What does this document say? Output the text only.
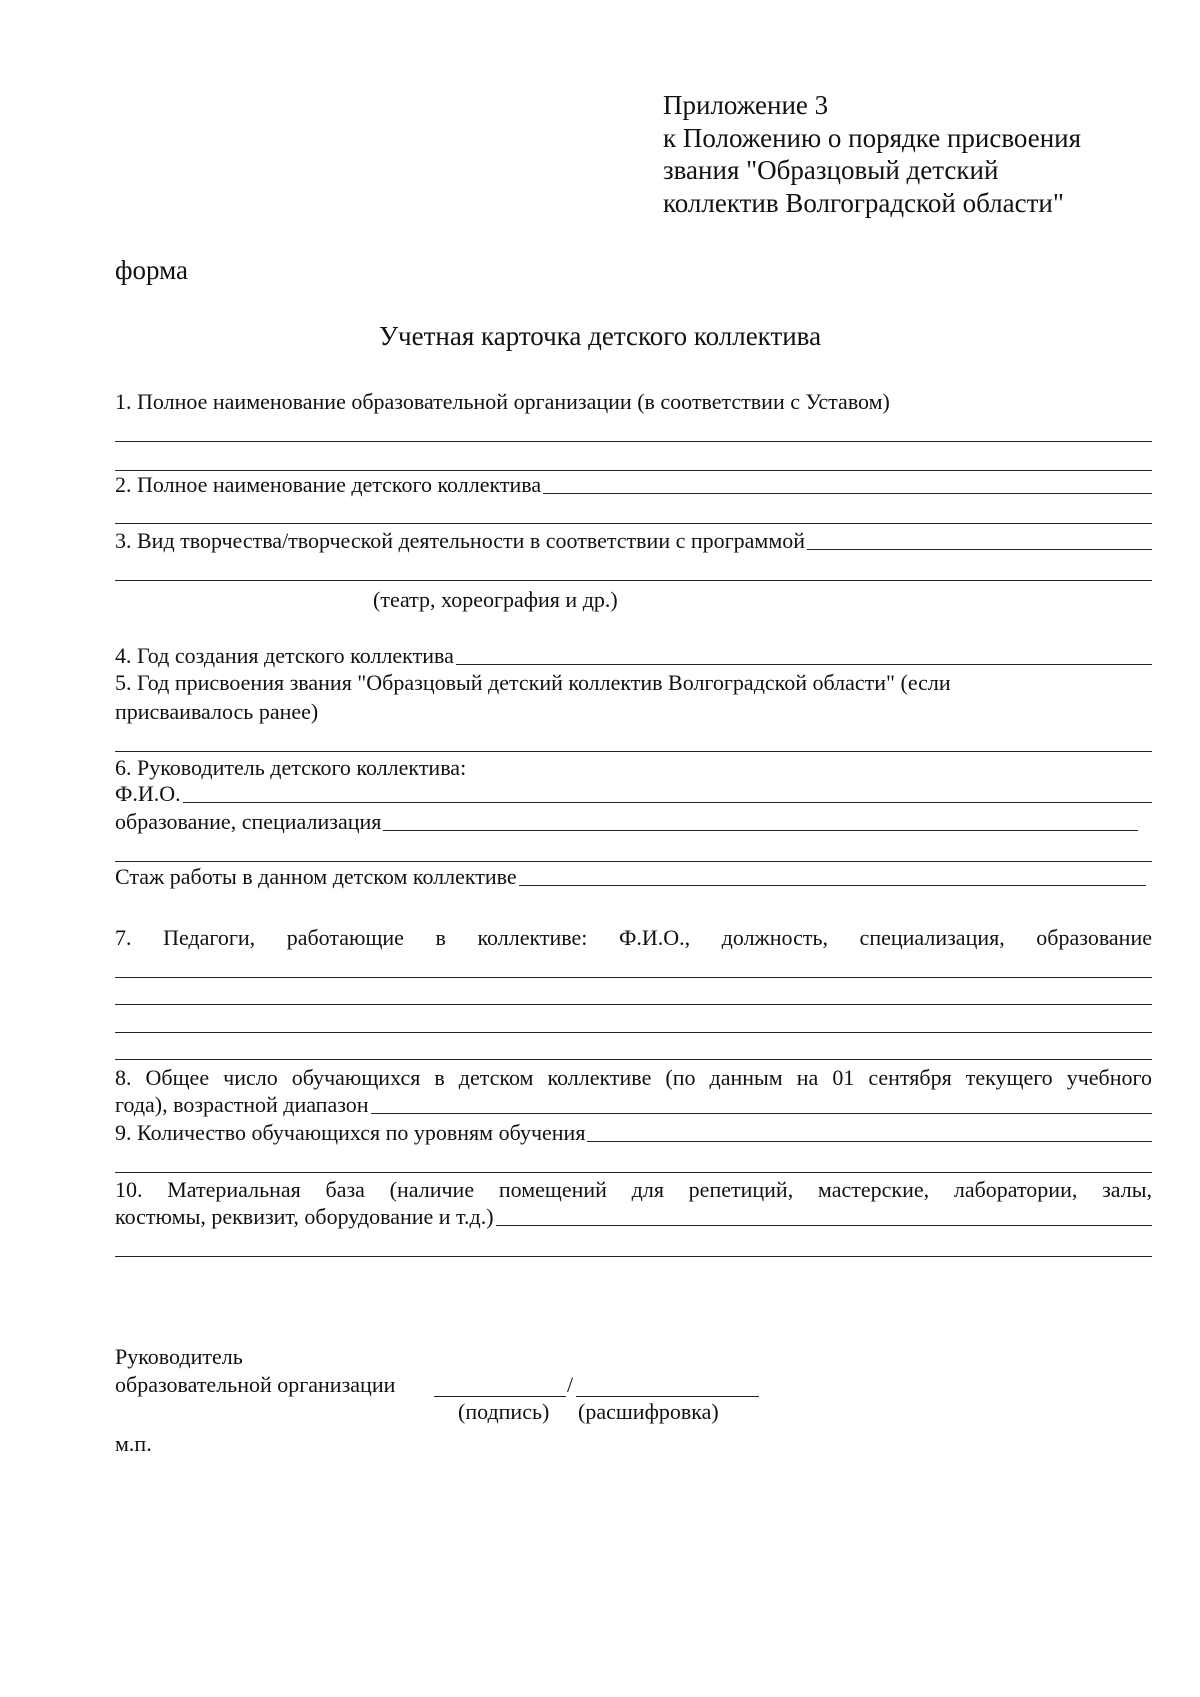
Приложение 3
к Положению о порядке присвоения
звания "Образцовый детский
коллектив Волгоградской области"
форма
Учетная карточка детского коллектива
1. Полное наименование образовательной организации (в соответствии с Уставом)
2. Полное наименование детского коллектива
3. Вид творчества/творческой деятельности в соответствии с программой
(театр, хореография и др.)
4. Год создания детского коллектива
5. Год присвоения звания "Образцовый детский коллектив Волгоградской области" (если
присваивалось ранее)
6. Руководитель детского коллектива:
Ф.И.О.
образование, специализация
Стаж работы в данном детском коллективе
7. Педагоги, работающие в коллективе: Ф.И.О., должность, специализация, образование
8. Общее число обучающихся в детском коллективе (по данным на 01 сентября текущего учебного
года), возрастной диапазон
9. Количество обучающихся по уровням обучения
10. Материальная база (наличие помещений для репетиций, мастерские, лаборатории, залы,
костюмы, реквизит, оборудование и т.д.)
Руководитель
образовательной организации	/
(подпись) (расшифровка)
м.п.
